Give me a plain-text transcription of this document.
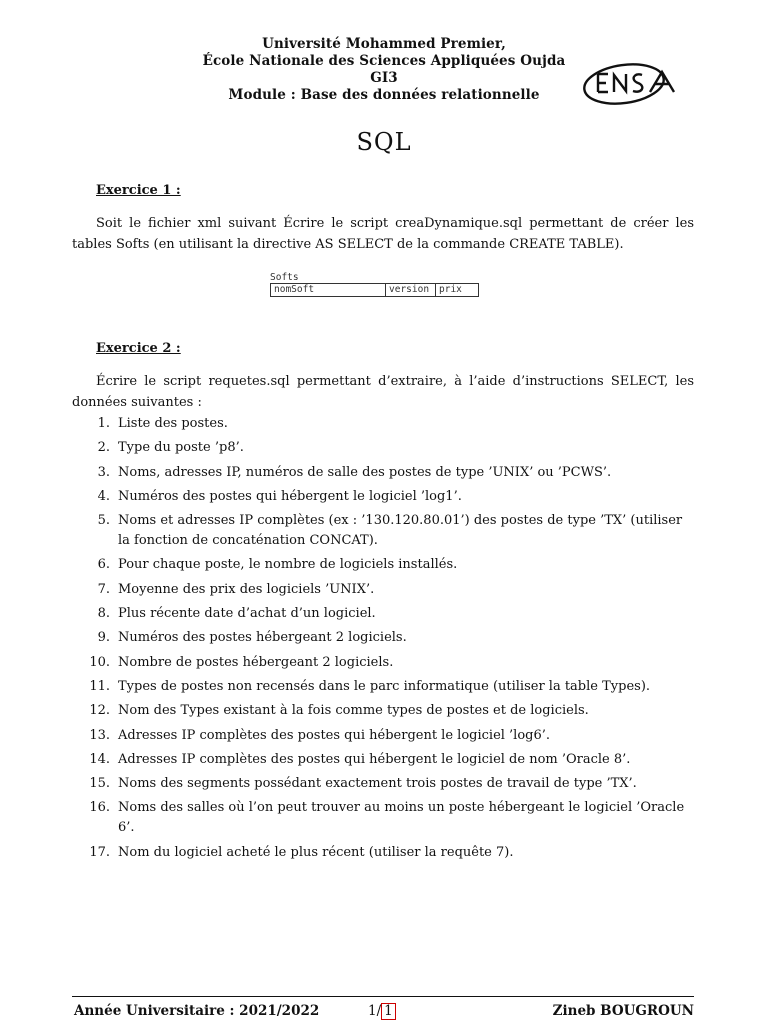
Université Mohammed Premier,
École Nationale des Sciences Appliquées Oujda
GI3
Module : Base des données relationnelle
SQL
Exercice 1 :
Soit le fichier xml suivant Écrire le script creaDynamique.sql permettant de créer les tables Softs (en utilisant la directive AS SELECT de la commande CREATE TABLE).
Softs
nomSoft	version	prix
Exercice 2 :
Écrire le script requetes.sql permettant d’extraire, à l’aide d’instructions SELECT, les données suivantes :
1. Liste des postes.
2. Type du poste ’p8’.
3. Noms, adresses IP, numéros de salle des postes de type ’UNIX’ ou ’PCWS’.
4. Numéros des postes qui hébergent le logiciel ’log1’.
5. Noms et adresses IP complètes (ex : ’130.120.80.01’) des postes de type ’TX’ (utiliser la fonction de concaténation CONCAT).
6. Pour chaque poste, le nombre de logiciels installés.
7. Moyenne des prix des logiciels ’UNIX’.
8. Plus récente date d’achat d’un logiciel.
9. Numéros des postes hébergeant 2 logiciels.
10. Nombre de postes hébergeant 2 logiciels.
11. Types de postes non recensés dans le parc informatique (utiliser la table Types).
12. Nom des Types existant à la fois comme types de postes et de logiciels.
13. Adresses IP complètes des postes qui hébergent le logiciel ’log6’.
14. Adresses IP complètes des postes qui hébergent le logiciel de nom ’Oracle 8’.
15. Noms des segments possédant exactement trois postes de travail de type ’TX’.
16. Noms des salles où l’on peut trouver au moins un poste hébergeant le logiciel ’Oracle 6’.
17. Nom du logiciel acheté le plus récent (utiliser la requête 7).
Année Universitaire : 2021/2022	1/ 1	Zineb BOUGROUN
